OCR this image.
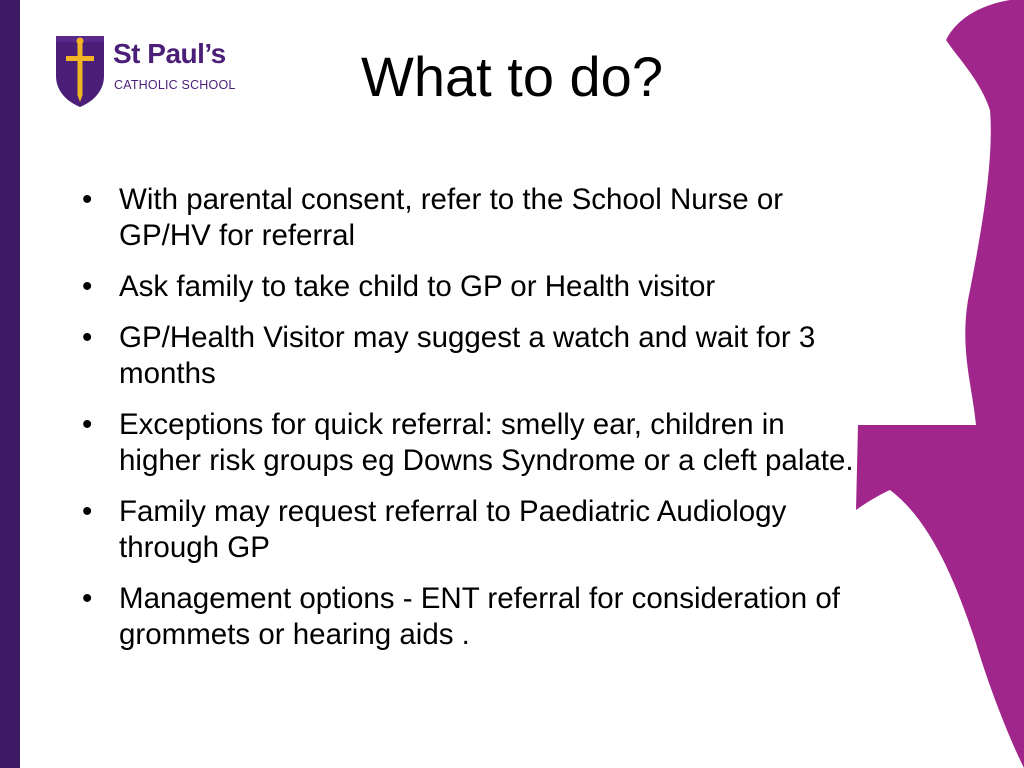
St Paul’s
CATHOLIC SCHOOL	What to do?
• With parental consent, refer to the School Nurse or GP/HV for referral
• Ask family to take child to GP or Health visitor
• GP/Health Visitor may suggest a watch and wait for 3 months
• Exceptions for quick referral: smelly ear, children in higher risk groups eg Downs Syndrome or a cleft palate.
• Family may request referral to Paediatric Audiology through GP
• Management options - ENT referral for consideration of grommets or hearing aids .
